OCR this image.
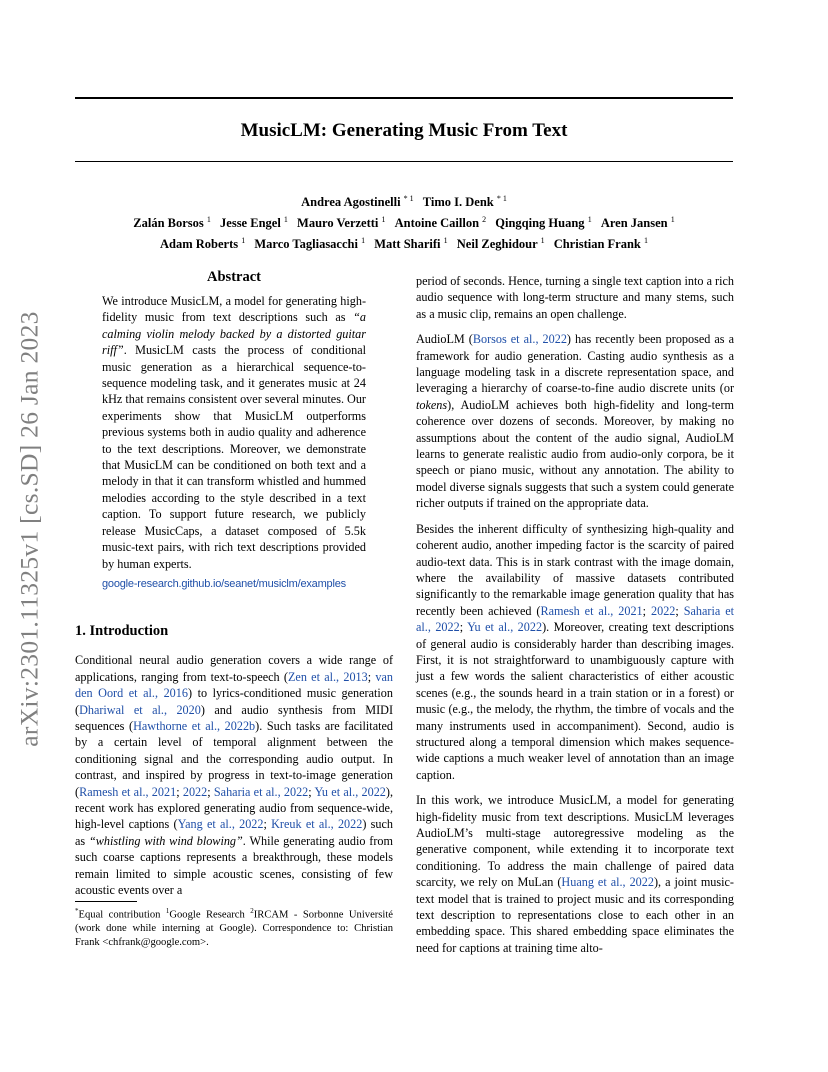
arXiv:2301.11325v1 [cs.SD] 26 Jan 2023
MusicLM: Generating Music From Text
Andrea Agostinelli $^{* 1}$ Timo I. Denk $^{* 1}$
Zalán Borsos $^1$ Jesse Engel $^1$ Mauro Verzetti $^1$ Antoine Caillon $^2$ Qingqing Huang $^1$ Aren Jansen $^1$
Adam Roberts $^1$ Marco Tagliasacchi $^1$ Matt Sharifi $^1$ Neil Zeghidour $^1$ Christian Frank $^1$
Abstract

We introduce MusicLM, a model for generating high-fidelity music from text descriptions such as “a calming violin melody backed by a distorted guitar riff”. MusicLM casts the process of conditional music generation as a hierarchical sequence-to-sequence modeling task, and it generates music at 24 kHz that remains consistent over several minutes. Our experiments show that MusicLM outperforms previous systems both in audio quality and adherence to the text descriptions. Moreover, we demonstrate that MusicLM can be conditioned on both text and a melody in that it can transform whistled and hummed melodies according to the style described in a text caption. To support future research, we publicly release MusicCaps, a dataset composed of 5.5k music-text pairs, with rich text descriptions provided by human experts.

google-research.github.io/seanet/musiclm/examples
1. Introduction

Conditional neural audio generation covers a wide range of applications, ranging from text-to-speech (Zen et al., 2013; van den Oord et al., 2016) to lyrics-conditioned music generation (Dhariwal et al., 2020) and audio synthesis from MIDI sequences (Hawthorne et al., 2022b). Such tasks are facilitated by a certain level of temporal alignment between the conditioning signal and the corresponding audio output. In contrast, and inspired by progress in text-to-image generation (Ramesh et al., 2021; 2022; Saharia et al., 2022; Yu et al., 2022), recent work has explored generating audio from sequence-wide, high-level captions (Yang et al., 2022; Kreuk et al., 2022) such as “whistling with wind blowing”. While generating audio from such coarse captions represents a breakthrough, these models remain limited to simple acoustic scenes, consisting of few acoustic events over a

*Equal contribution $^1$Google Research $^2$IRCAM - Sorbonne Université (work done while interning at Google). Correspondence to: Christian Frank <chfrank@google.com>.

period of seconds. Hence, turning a single text caption into a rich audio sequence with long-term structure and many stems, such as a music clip, remains an open challenge.

AudioLM (Borsos et al., 2022) has recently been proposed as a framework for audio generation. Casting audio synthesis as a language modeling task in a discrete representation space, and leveraging a hierarchy of coarse-to-fine audio discrete units (or tokens), AudioLM achieves both high-fidelity and long-term coherence over dozens of seconds. Moreover, by making no assumptions about the content of the audio signal, AudioLM learns to generate realistic audio from audio-only corpora, be it speech or piano music, without any annotation. The ability to model diverse signals suggests that such a system could generate richer outputs if trained on the appropriate data.

Besides the inherent difficulty of synthesizing high-quality and coherent audio, another impeding factor is the scarcity of paired audio-text data. This is in stark contrast with the image domain, where the availability of massive datasets contributed significantly to the remarkable image generation quality that has recently been achieved (Ramesh et al., 2021; 2022; Saharia et al., 2022; Yu et al., 2022). Moreover, creating text descriptions of general audio is considerably harder than describing images. First, it is not straightforward to unambiguously capture with just a few words the salient characteristics of either acoustic scenes (e.g., the sounds heard in a train station or in a forest) or music (e.g., the melody, the rhythm, the timbre of vocals and the many instruments used in accompaniment). Second, audio is structured along a temporal dimension which makes sequence-wide captions a much weaker level of annotation than an image caption.

In this work, we introduce MusicLM, a model for generating high-fidelity music from text descriptions. MusicLM leverages AudioLM’s multi-stage autoregressive modeling as the generative component, while extending it to incorporate text conditioning. To address the main challenge of paired data scarcity, we rely on MuLan (Huang et al., 2022), a joint music-text model that is trained to project music and its corresponding text description to representations close to each other in an embedding space. This shared embedding space eliminates the need for captions at training time alto-
